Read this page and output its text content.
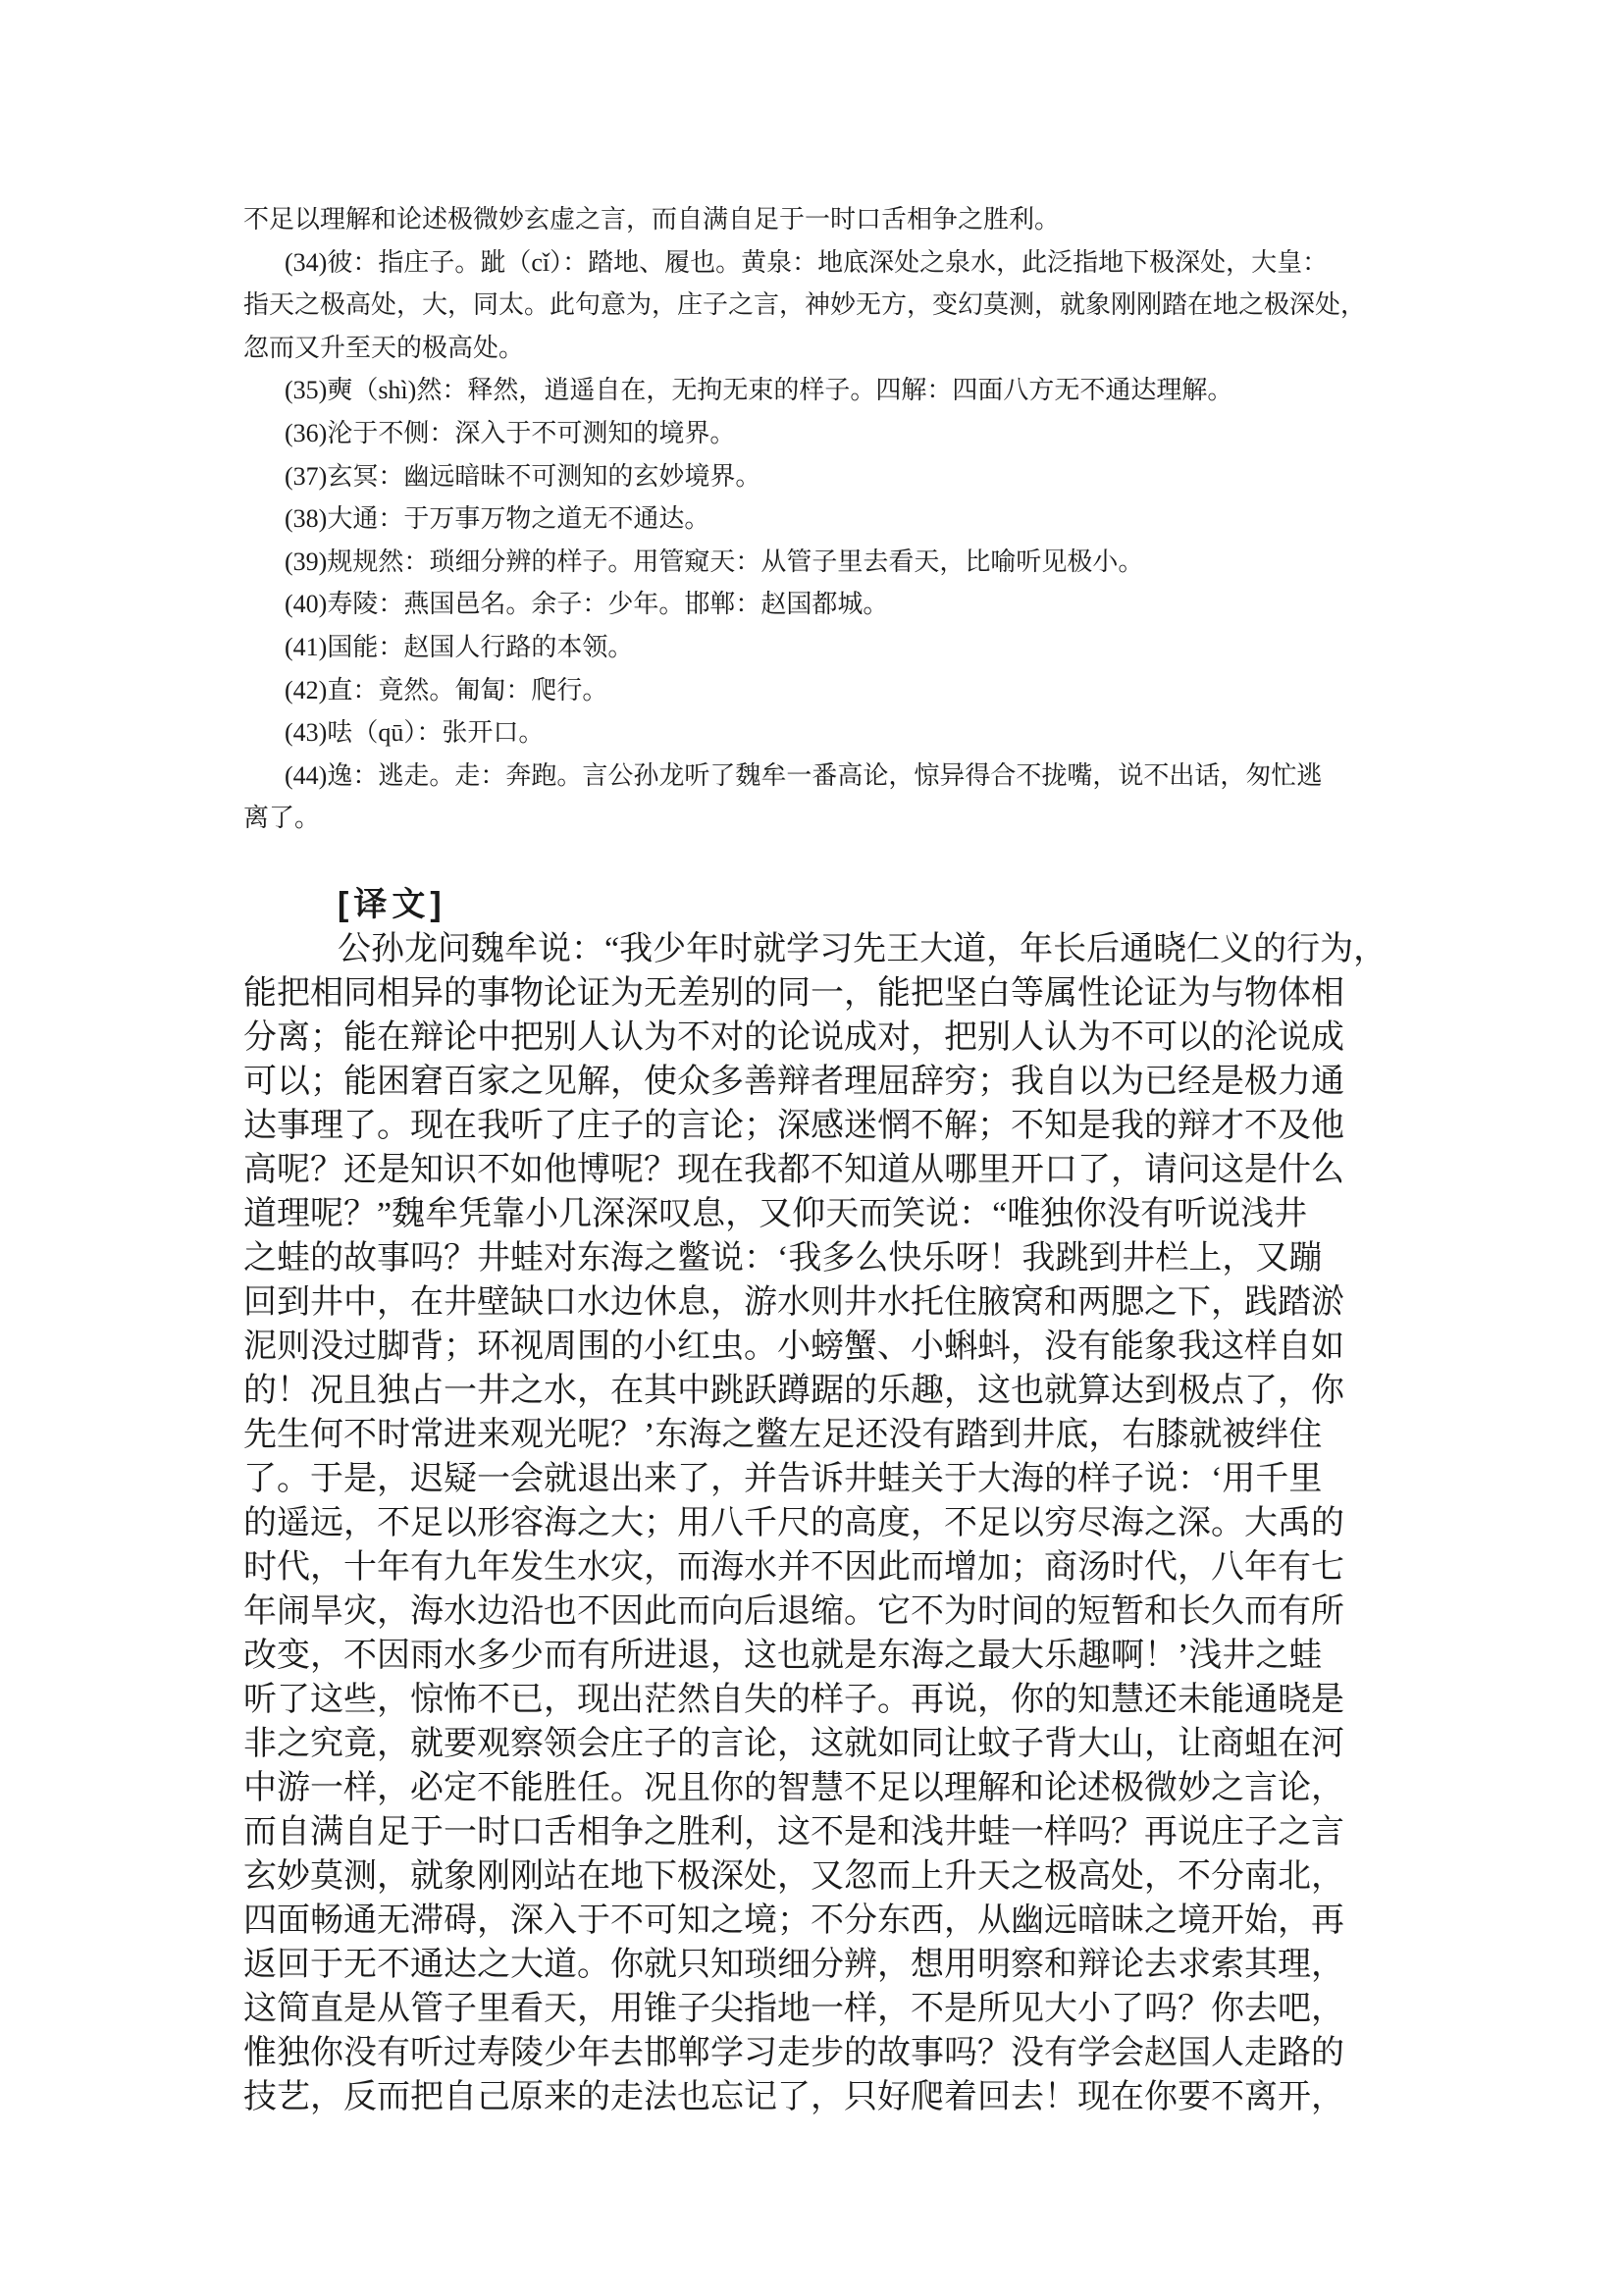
不足以理解和论述极微妙玄虚之言，而自满自足于一时口舌相争之胜利。
(34)彼：指庄子。跐（cǐ）：踏地、履也。黄泉：地底深处之泉水，此泛指地下极深处，大皇：
指天之极高处，大，同太。此句意为，庄子之言，神妙无方，变幻莫测，就象刚刚踏在地之极深处，
忽而又升至天的极高处。
(35)奭（shì)然：释然，逍遥自在，无拘无束的样子。四解：四面八方无不通达理解。
(36)沦于不侧：深入于不可测知的境界。
(37)玄冥：幽远暗昧不可测知的玄妙境界。
(38)大通：于万事万物之道无不通达。
(39)规规然：琐细分辨的样子。用管窥天：从管子里去看天，比喻听见极小。
(40)寿陵：燕国邑名。余子：少年。邯郸：赵国都城。
(41)国能：赵国人行路的本领。
(42)直：竟然。匍匐：爬行。
(43)呿（qū）：张开口。
(44)逸：逃走。走：奔跑。言公孙龙听了魏牟一番高论，惊异得合不拢嘴，说不出话，匆忙逃
离了。
[译文]
公孙龙问魏牟说：“我少年时就学习先王大道，年长后通晓仁义的行为，
能把相同相异的事物论证为无差别的同一，能把坚白等属性论证为与物体相
分离；能在辩论中把别人认为不对的论说成对，把别人认为不可以的沦说成
可以；能困窘百家之见解，使众多善辩者理屈辞穷；我自以为已经是极力通
达事理了。现在我听了庄子的言论；深感迷惘不解；不知是我的辩才不及他
高呢？还是知识不如他博呢？现在我都不知道从哪里开口了，请问这是什么
道理呢？”魏牟凭靠小几深深叹息，又仰天而笑说：“唯独你没有听说浅井
之蛙的故事吗？井蛙对东海之鳖说：‘我多么快乐呀！我跳到井栏上，又蹦
回到井中，在井壁缺口水边休息，游水则井水托住腋窝和两腮之下，践踏淤
泥则没过脚背；环视周围的小红虫。小螃蟹、小蝌蚪，没有能象我这样自如
的！况且独占一井之水，在其中跳跃蹲踞的乐趣，这也就算达到极点了，你
先生何不时常进来观光呢？’东海之鳖左足还没有踏到井底，右膝就被绊住
了。于是，迟疑一会就退出来了，并告诉井蛙关于大海的样子说：‘用千里
的遥远，不足以形容海之大；用八千尺的高度，不足以穷尽海之深。大禹的
时代，十年有九年发生水灾，而海水并不因此而增加；商汤时代，八年有七
年闹旱灾，海水边沿也不因此而向后退缩。它不为时间的短暂和长久而有所
改变，不因雨水多少而有所进退，这也就是东海之最大乐趣啊！’浅井之蛙
听了这些，惊怖不已，现出茫然自失的样子。再说，你的知慧还未能通晓是
非之究竟，就要观察领会庄子的言论，这就如同让蚊子背大山，让商蛆在河
中游一样，必定不能胜任。况且你的智慧不足以理解和论述极微妙之言论，
而自满自足于一时口舌相争之胜利，这不是和浅井蛙一样吗？再说庄子之言
玄妙莫测，就象刚刚站在地下极深处，又忽而上升天之极高处，不分南北，
四面畅通无滞碍，深入于不可知之境；不分东西，从幽远暗昧之境开始，再
返回于无不通达之大道。你就只知琐细分辨，想用明察和辩论去求索其理，
这简直是从管子里看天，用锥子尖指地一样，不是所见大小了吗？你去吧，
惟独你没有听过寿陵少年去邯郸学习走步的故事吗？没有学会赵国人走路的
技艺，反而把自己原来的走法也忘记了，只好爬着回去！现在你要不离开，
